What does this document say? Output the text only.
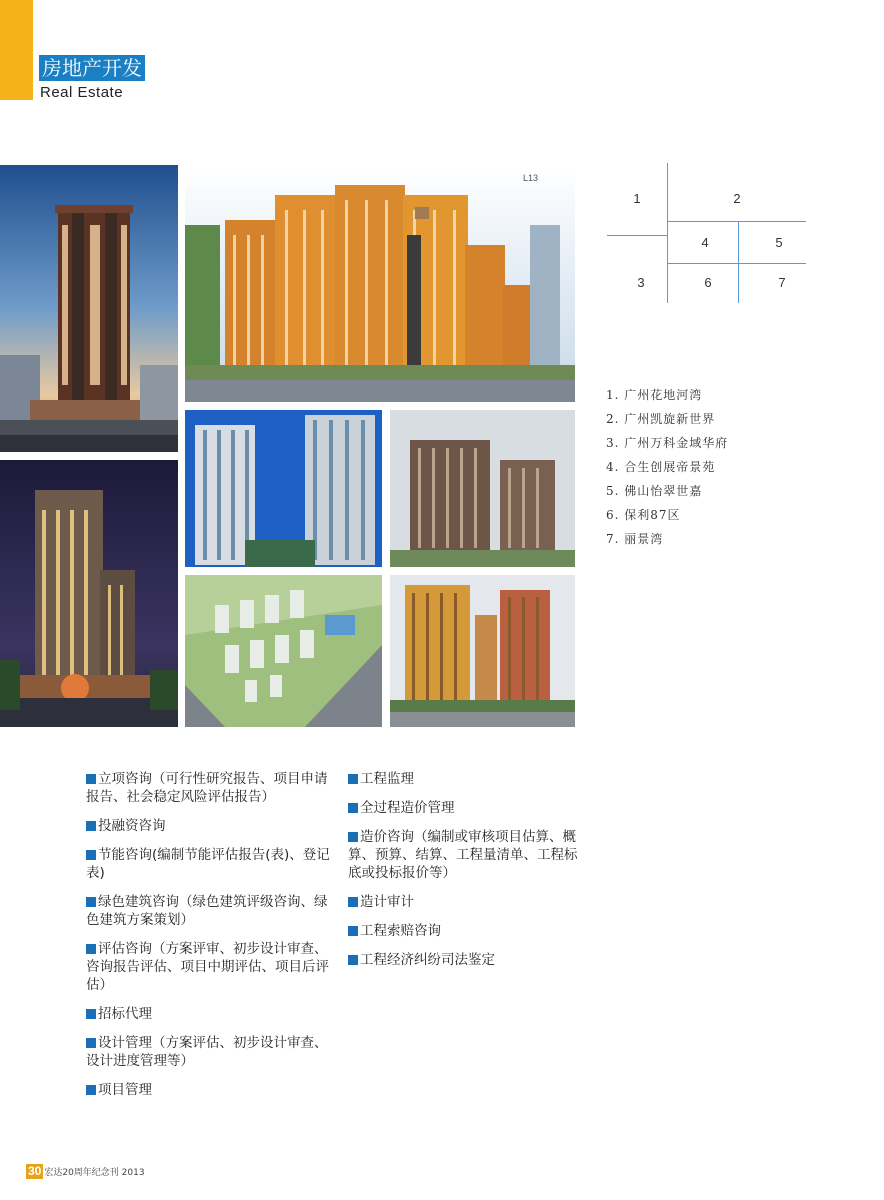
房地产开发
Real Estate
L13
1	2
3
4	5
6	7
1. 广州花地河湾
2. 广州凯旋新世界
3. 广州万科金域华府
4. 合生创展帝景苑
5. 佛山怡翠世嘉
6. 保利87区
7. 丽景湾
立项咨询（可行性研究报告、项目申请报告、社会稳定风险评估报告）
投融资咨询
节能咨询(编制节能评估报告(表)、登记表)
绿色建筑咨询（绿色建筑评级咨询、绿色建筑方案策划）
评估咨询（方案评审、初步设计审查、咨询报告评估、项目中期评估、项目后评估）
招标代理
设计管理（方案评估、初步设计审查、设计进度管理等）
项目管理
工程监理
全过程造价管理
造价咨询（编制或审核项目估算、概算、预算、结算、工程量清单、工程标底或投标报价等）
造计审计
工程索赔咨询
工程经济纠纷司法鉴定
30 宏达20周年纪念刊 2013
